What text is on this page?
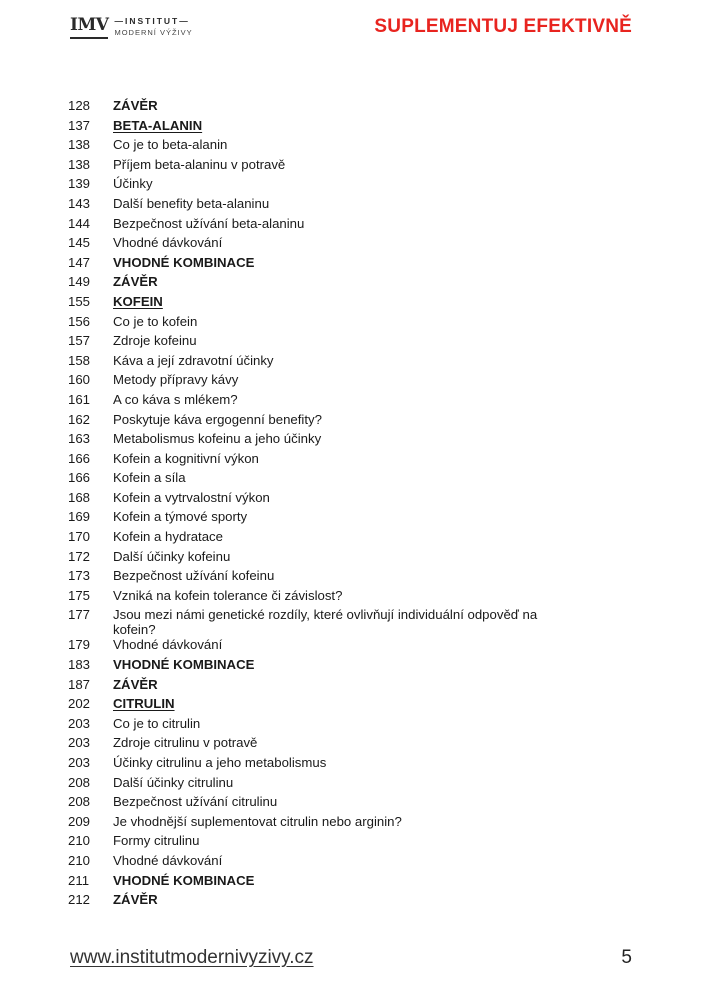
IMV —INSTITUT—
MODERNÍ VÝŽIVY	SUPLEMENTUJ EFEKTIVNĚ
128	ZÁVĚR
137	BETA-ALANIN
138	Co je to beta-alanin
138	Příjem beta-alaninu v potravě
139	Účinky
143	Další benefity beta-alaninu
144	Bezpečnost užívání beta-alaninu
145	Vhodné dávkování
147	VHODNÉ KOMBINACE
149	ZÁVĚR
155	KOFEIN
156	Co je to kofein
157	Zdroje kofeinu
158	Káva a její zdravotní účinky
160	Metody přípravy kávy
161	A co káva s mlékem?
162	Poskytuje káva ergogenní benefity?
163	Metabolismus kofeinu a jeho účinky
166	Kofein a kognitivní výkon
166	Kofein a síla
168	Kofein a vytrvalostní výkon
169	Kofein a týmové sporty
170	Kofein a hydratace
172	Další účinky kofeinu
173	Bezpečnost užívání kofeinu
175	Vzniká na kofein tolerance či závislost?
177	Jsou mezi námi genetické rozdíly, které ovlivňují individuální odpověď na kofein?
179	Vhodné dávkování
183	VHODNÉ KOMBINACE
187	ZÁVĚR
202	CITRULIN
203	Co je to citrulin
203	Zdroje citrulinu v potravě
203	Účinky citrulinu a jeho metabolismus
208	Další účinky citrulinu
208	Bezpečnost užívání citrulinu
209	Je vhodnější suplementovat citrulin nebo arginin?
210	Formy citrulinu
210	Vhodné dávkování
211	VHODNÉ KOMBINACE
212	ZÁVĚR
www.institutmodernivyzivy.cz	5
